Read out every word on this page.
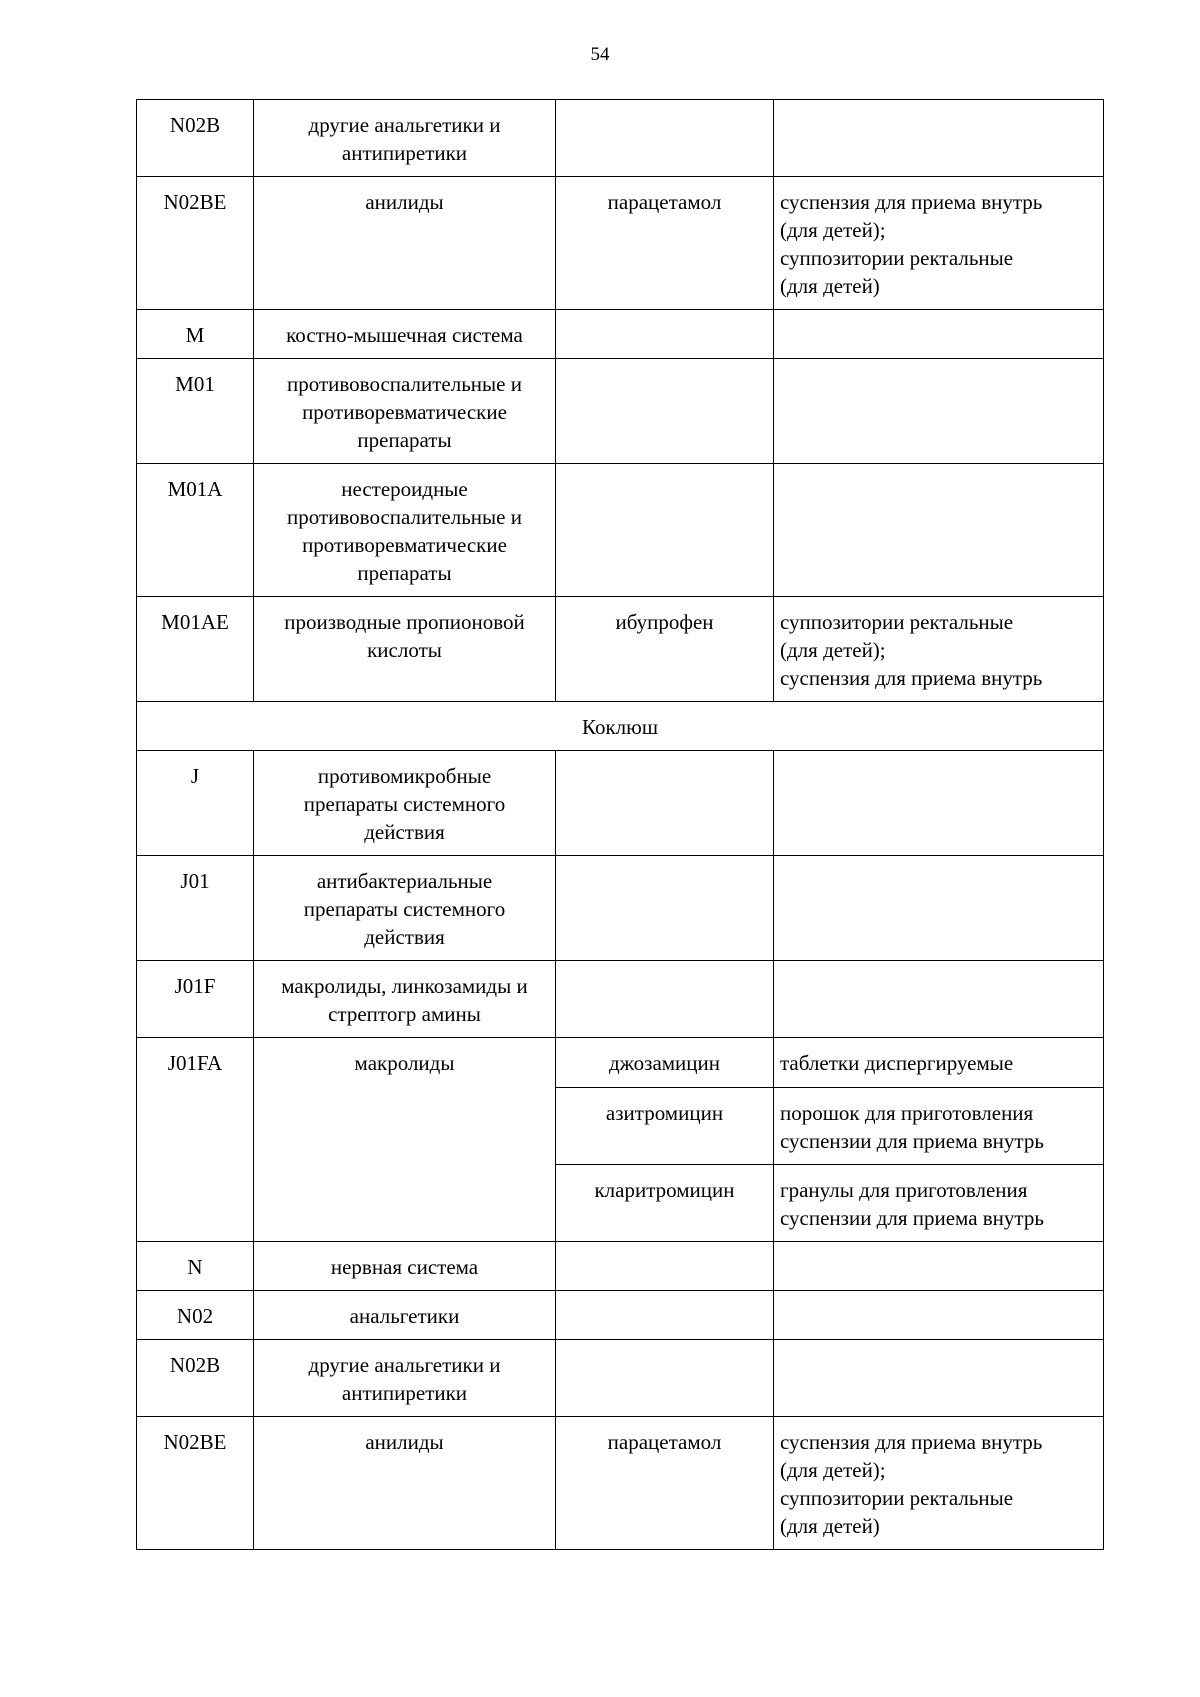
54
N02B	другие анальгетики и
антипиретики		

N02BE	анилиды	парацетамол	суспензия для приема внутрь
(для детей);
суппозитории ректальные
(для детей)

M	костно-мышечная система		

M01	противовоспалительные и
противоревматические
препараты		

M01A	нестероидные
противовоспалительные и
противоревматические
препараты		

M01AE	производные пропионовой
кислоты	ибупрофен	суппозитории ректальные
(для детей);
суспензия для приема внутрь

Коклюш			
J	противомикробные
препараты системного
действия		

J01	антибактериальные
препараты системного
действия		

J01F	макролиды, линкозамиды и
стрептогр амины		

J01FA	макролиды	джозамицин	таблетки диспергируемые

		азитромицин	порошок для приготовления
суспензии для приема внутрь

		кларитромицин	гранулы для приготовления
суспензии для приема внутрь

N	нервная система		

N02	анальгетики		

N02B	другие анальгетики и
антипиретики		

N02BE	анилиды	парацетамол	суспензия для приема внутрь
(для детей);
суппозитории ректальные
(для детей)
